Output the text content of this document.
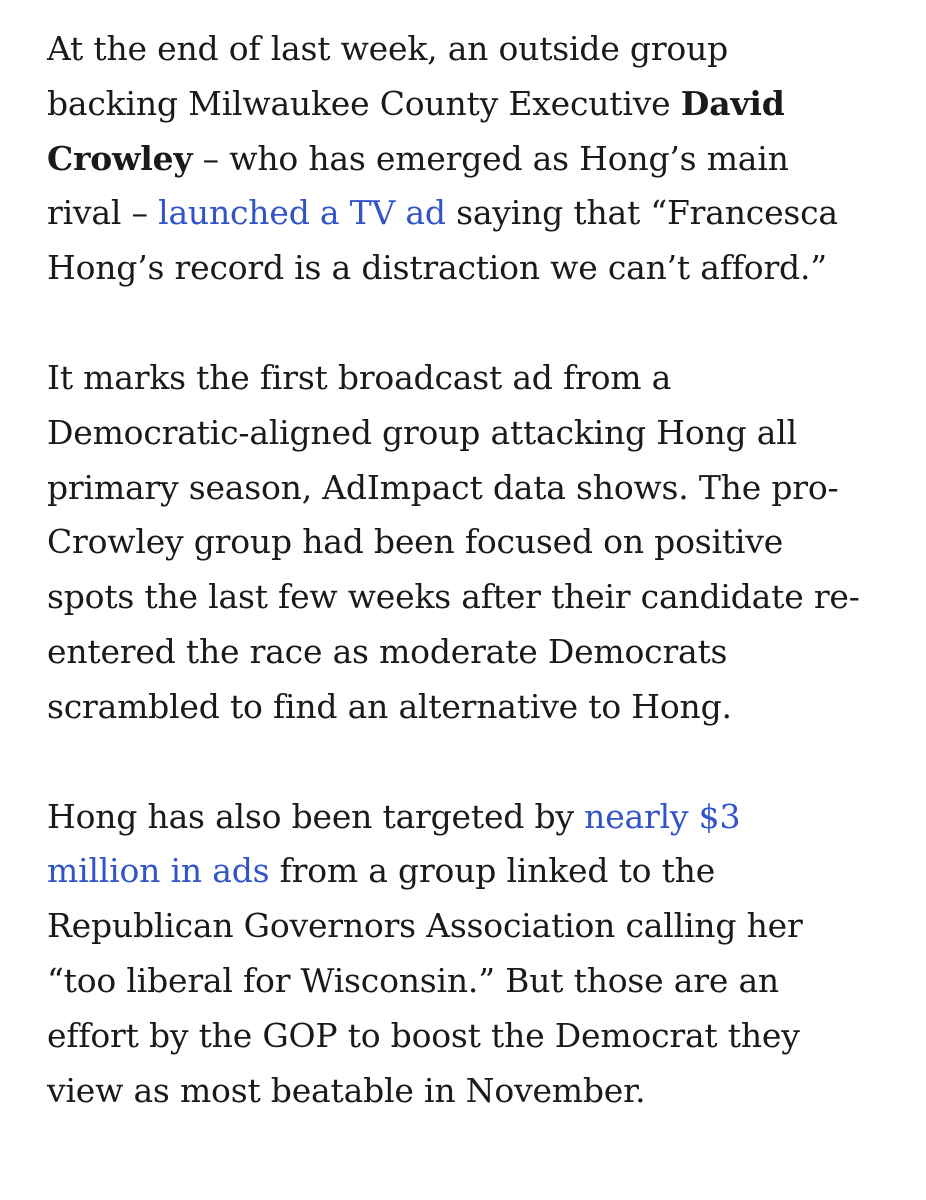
At the end of last week, an outside group
backing Milwaukee County Executive David
Crowley – who has emerged as Hong’s main
rival – launched a TV ad saying that “Francesca
Hong’s record is a distraction we can’t afford.”

It marks the first broadcast ad from a
Democratic-aligned group attacking Hong all
primary season, AdImpact data shows. The pro-
Crowley group had been focused on positive
spots the last few weeks after their candidate re-
entered the race as moderate Democrats
scrambled to find an alternative to Hong.

Hong has also been targeted by nearly $3
million in ads from a group linked to the
Republican Governors Association calling her
“too liberal for Wisconsin.” But those are an
effort by the GOP to boost the Democrat they
view as most beatable in November.
